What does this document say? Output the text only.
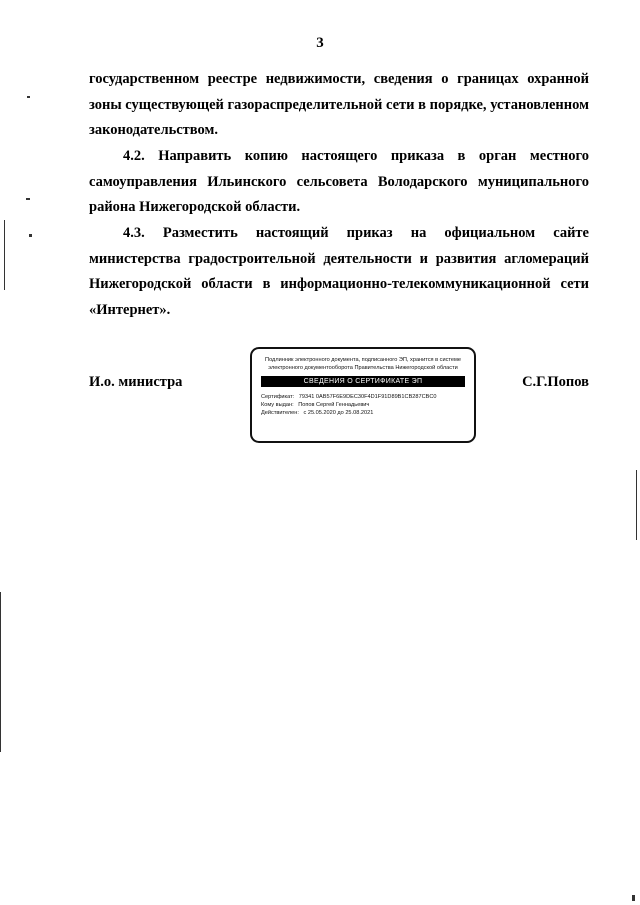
3

государственном реестре недвижимости, сведения о границах охранной зоны существующей газораспределительной сети в порядке, установленном законодательством.

4.2. Направить копию настоящего приказа в орган местного самоуправления Ильинского сельсовета Володарского муниципального района Нижегородской области.

4.3. Разместить настоящий приказ на официальном сайте министерства градостроительной деятельности и развития агломераций Нижегородской области в информационно-телекоммуникационной сети «Интернет».

И.о. министра	С.Г.Попов
Подлинник электронного документа, подписанного ЭП, хранится в системе электронного документооборота Правительства Нижегородской области
СВЕДЕНИЯ О СЕРТИФИКАТЕ ЭП
Сертификат: 79341 0AB57F6E9DEC30F4D1F91D89B1CB287CBC0
Кому выдан: Попов Сергей Геннадьевич
Действителен: с 25.05.2020 до 25.08.2021
